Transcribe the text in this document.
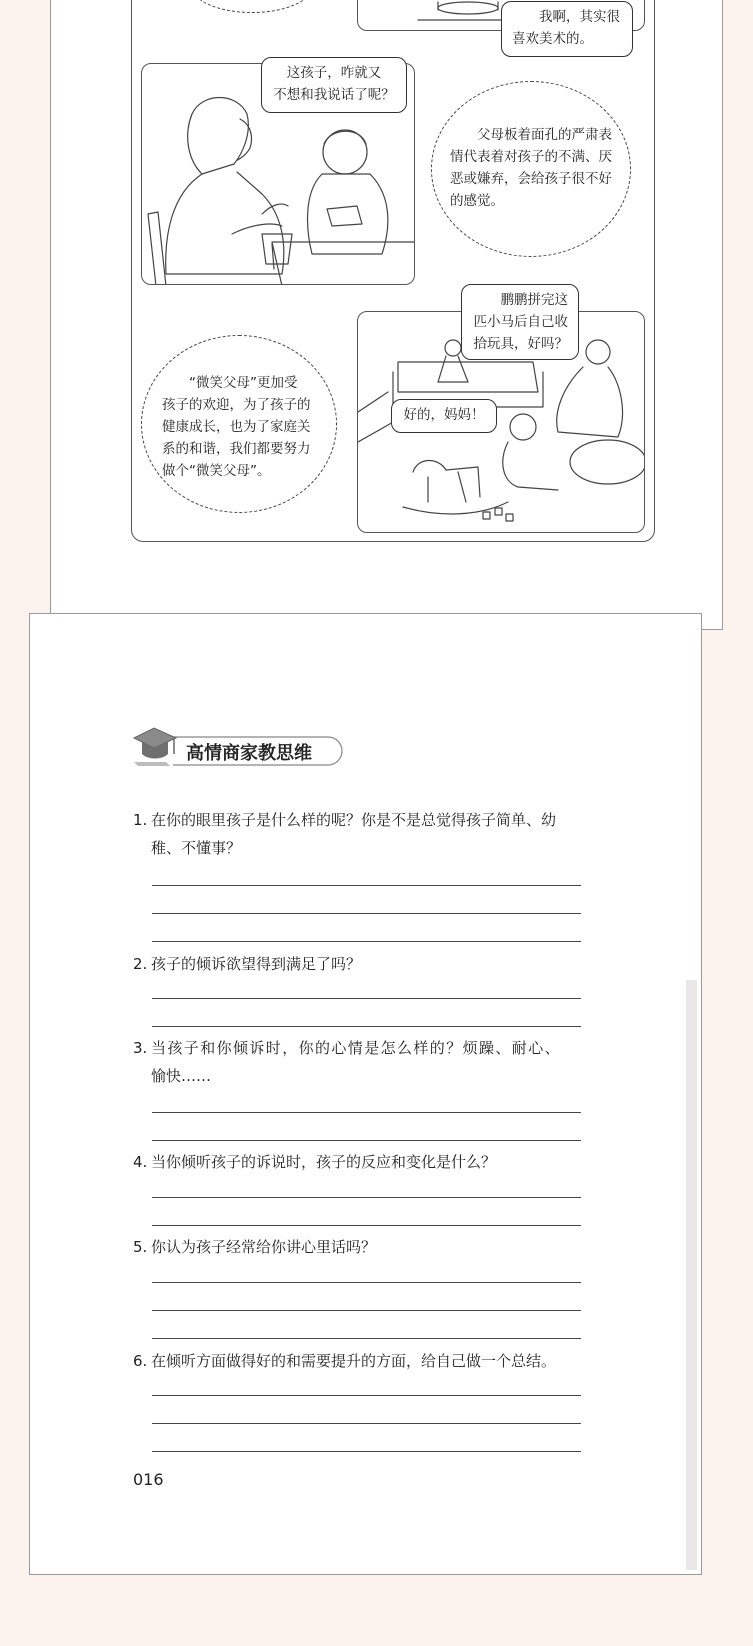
我啊，其实很喜欢美术的。
这孩子，咋就又
不想和我说话了呢？
父母板着面孔的严肃表
情代表着对孩子的不满、厌
恶或嫌弃，会给孩子很不好
的感觉。
鹏鹏拼完这
匹小马后自己收
拾玩具，好吗？
好的，妈妈！
“微笑父母”更加受
孩子的欢迎，为了孩子的
健康成长，也为了家庭关
系的和谐，我们都要努力
做个“微笑父母”。
高情商家教思维
1. 在你的眼里孩子是什么样的呢？你是不是总觉得孩子简单、幼
稚、不懂事？
2. 孩子的倾诉欲望得到满足了吗？
3. 当孩子和你倾诉时，你的心情是怎么样的？烦躁、耐心、
愉快……
4. 当你倾听孩子的诉说时，孩子的反应和变化是什么？
5. 你认为孩子经常给你讲心里话吗？
6. 在倾听方面做得好的和需要提升的方面，给自己做一个总结。
016
